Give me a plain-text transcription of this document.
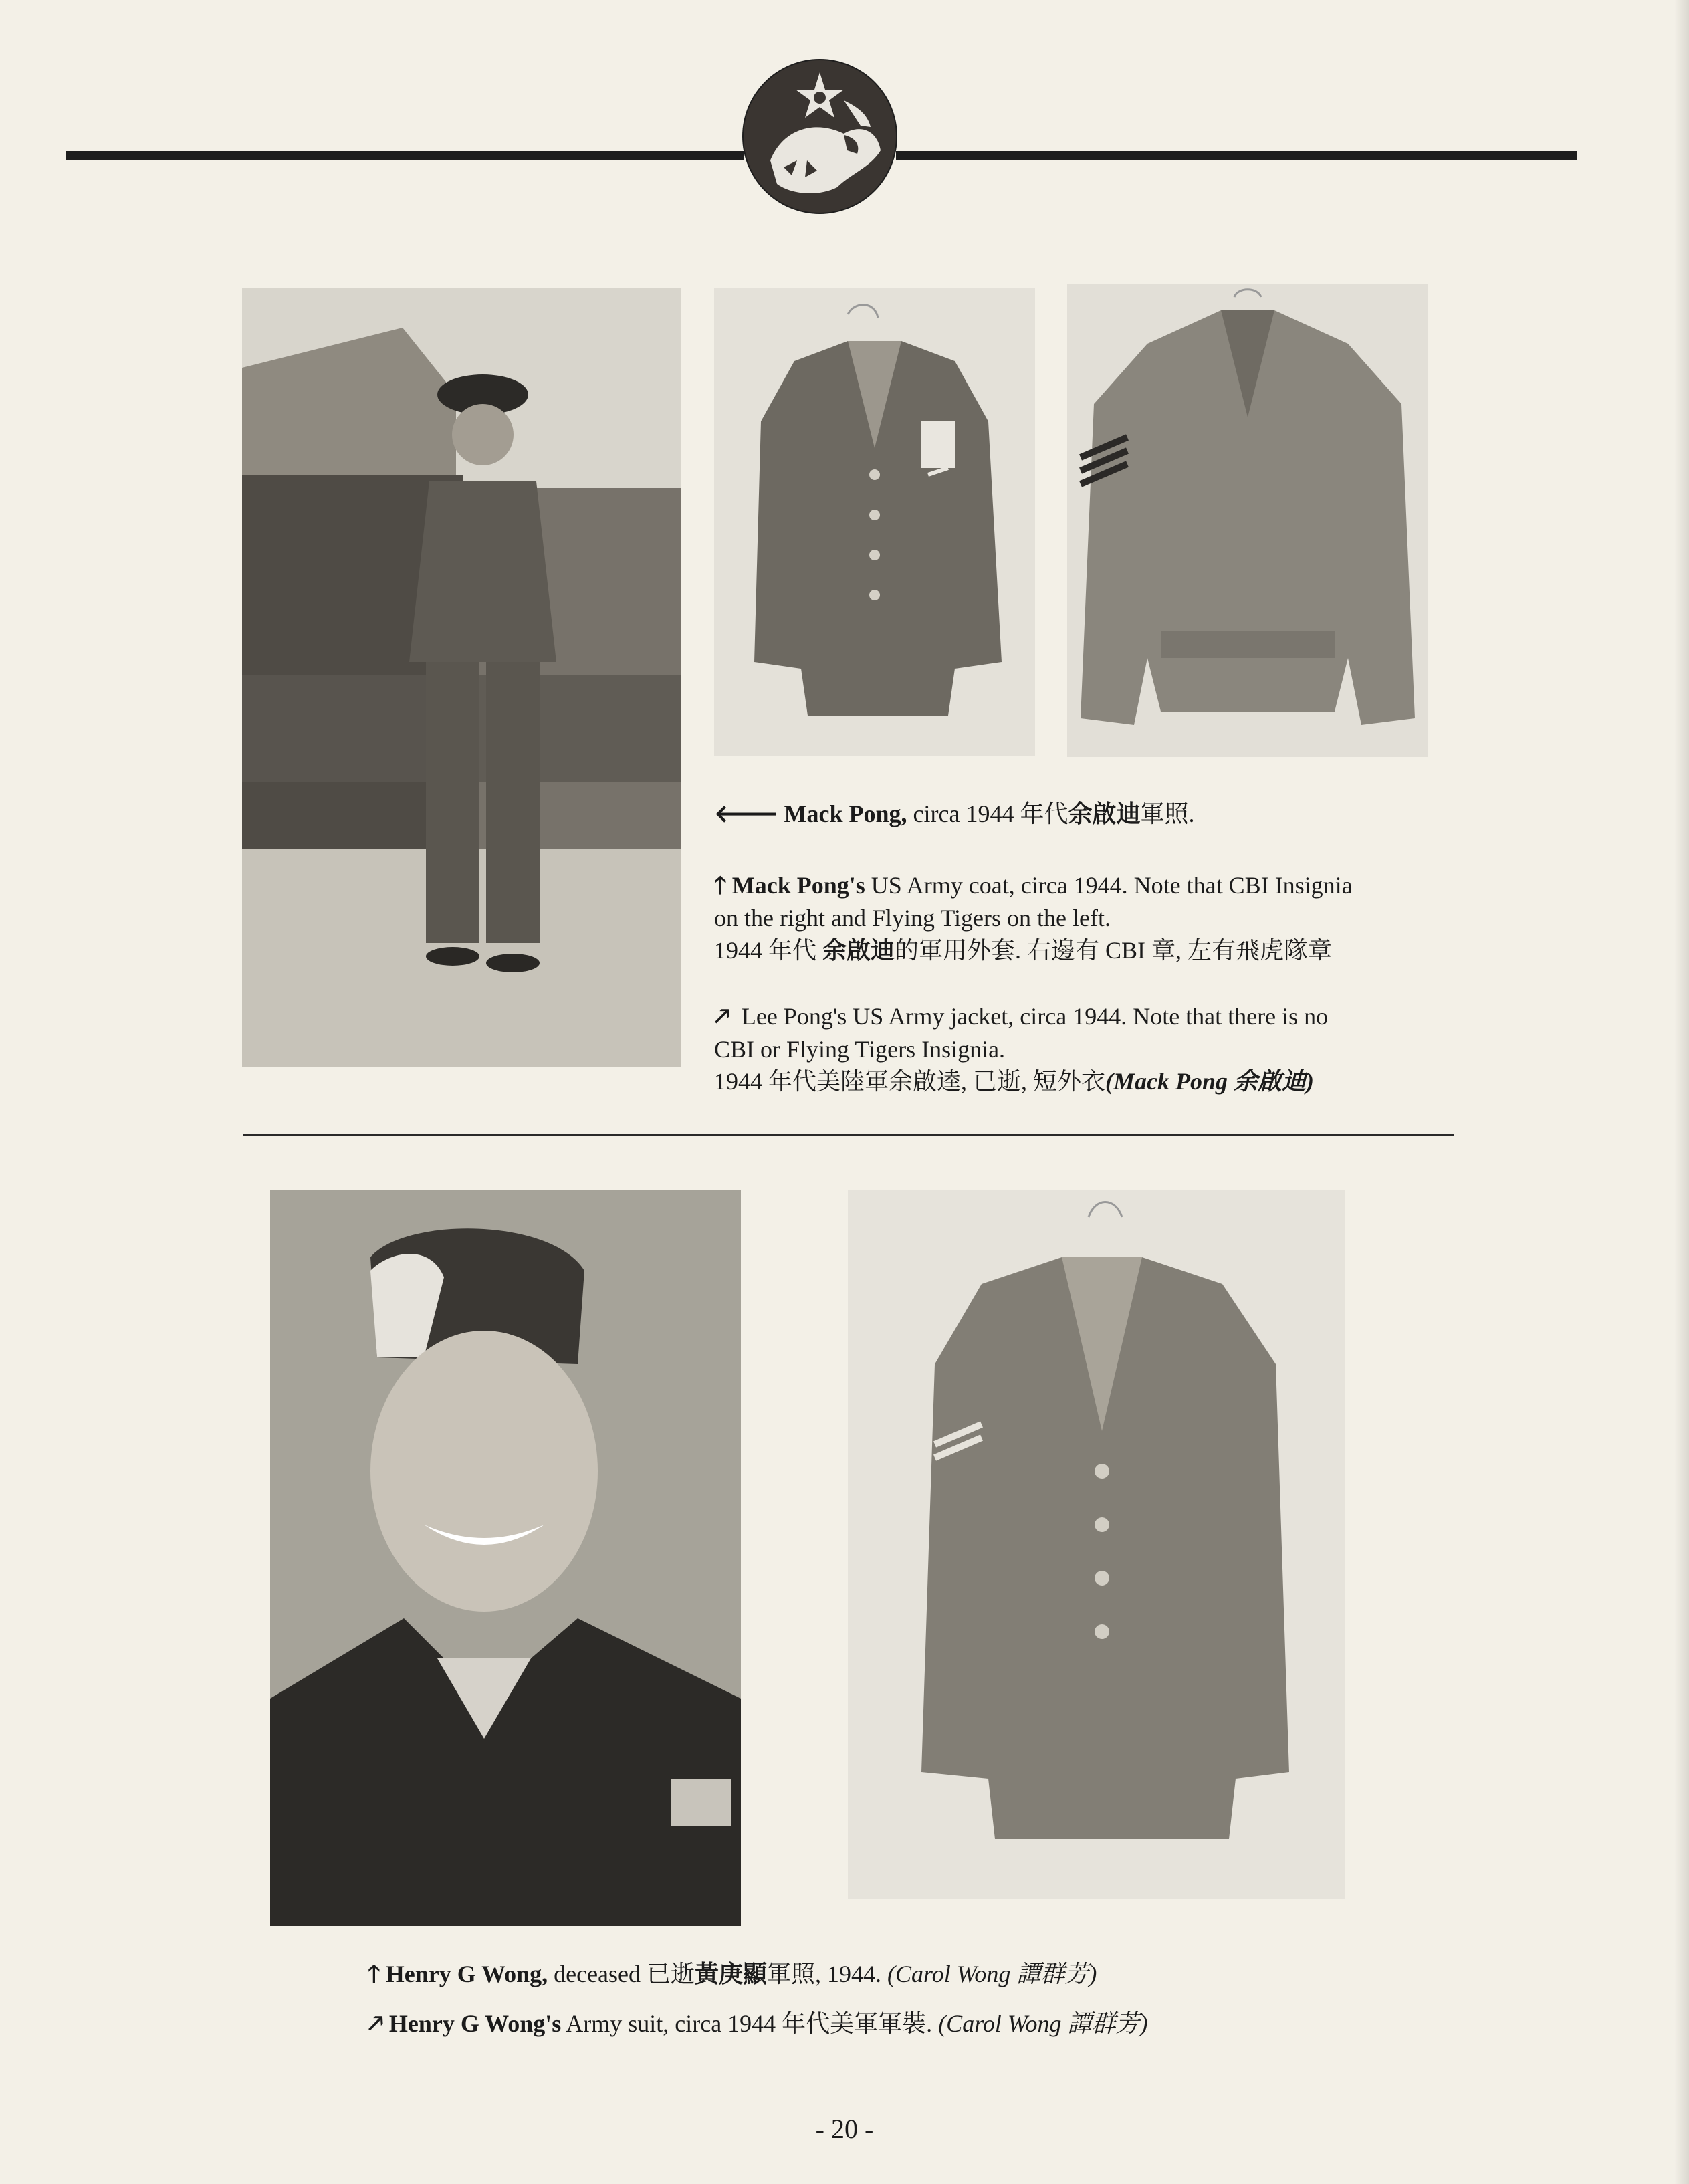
🡐 Mack Pong, circa 1944 年代余啟迪軍照.
🡑 Mack Pong's US Army coat, circa 1944. Note that CBI Insignia
on the right and Flying Tigers on the left.
1944 年代 余啟迪的軍用外套. 右邊有 CBI 章, 左有飛虎隊章
🡕 Lee Pong's US Army jacket, circa 1944. Note that there is no
CBI or Flying Tigers Insignia.
1944 年代美陸軍余啟逵, 已逝, 短外衣(Mack Pong 余啟迪)
🡑 Henry G Wong, deceased 已逝黃庚顯軍照, 1944. (Carol Wong 譚群芳)
🡕 Henry G Wong's Army suit, circa 1944 年代美軍軍裝. (Carol Wong 譚群芳)
- 20 -
